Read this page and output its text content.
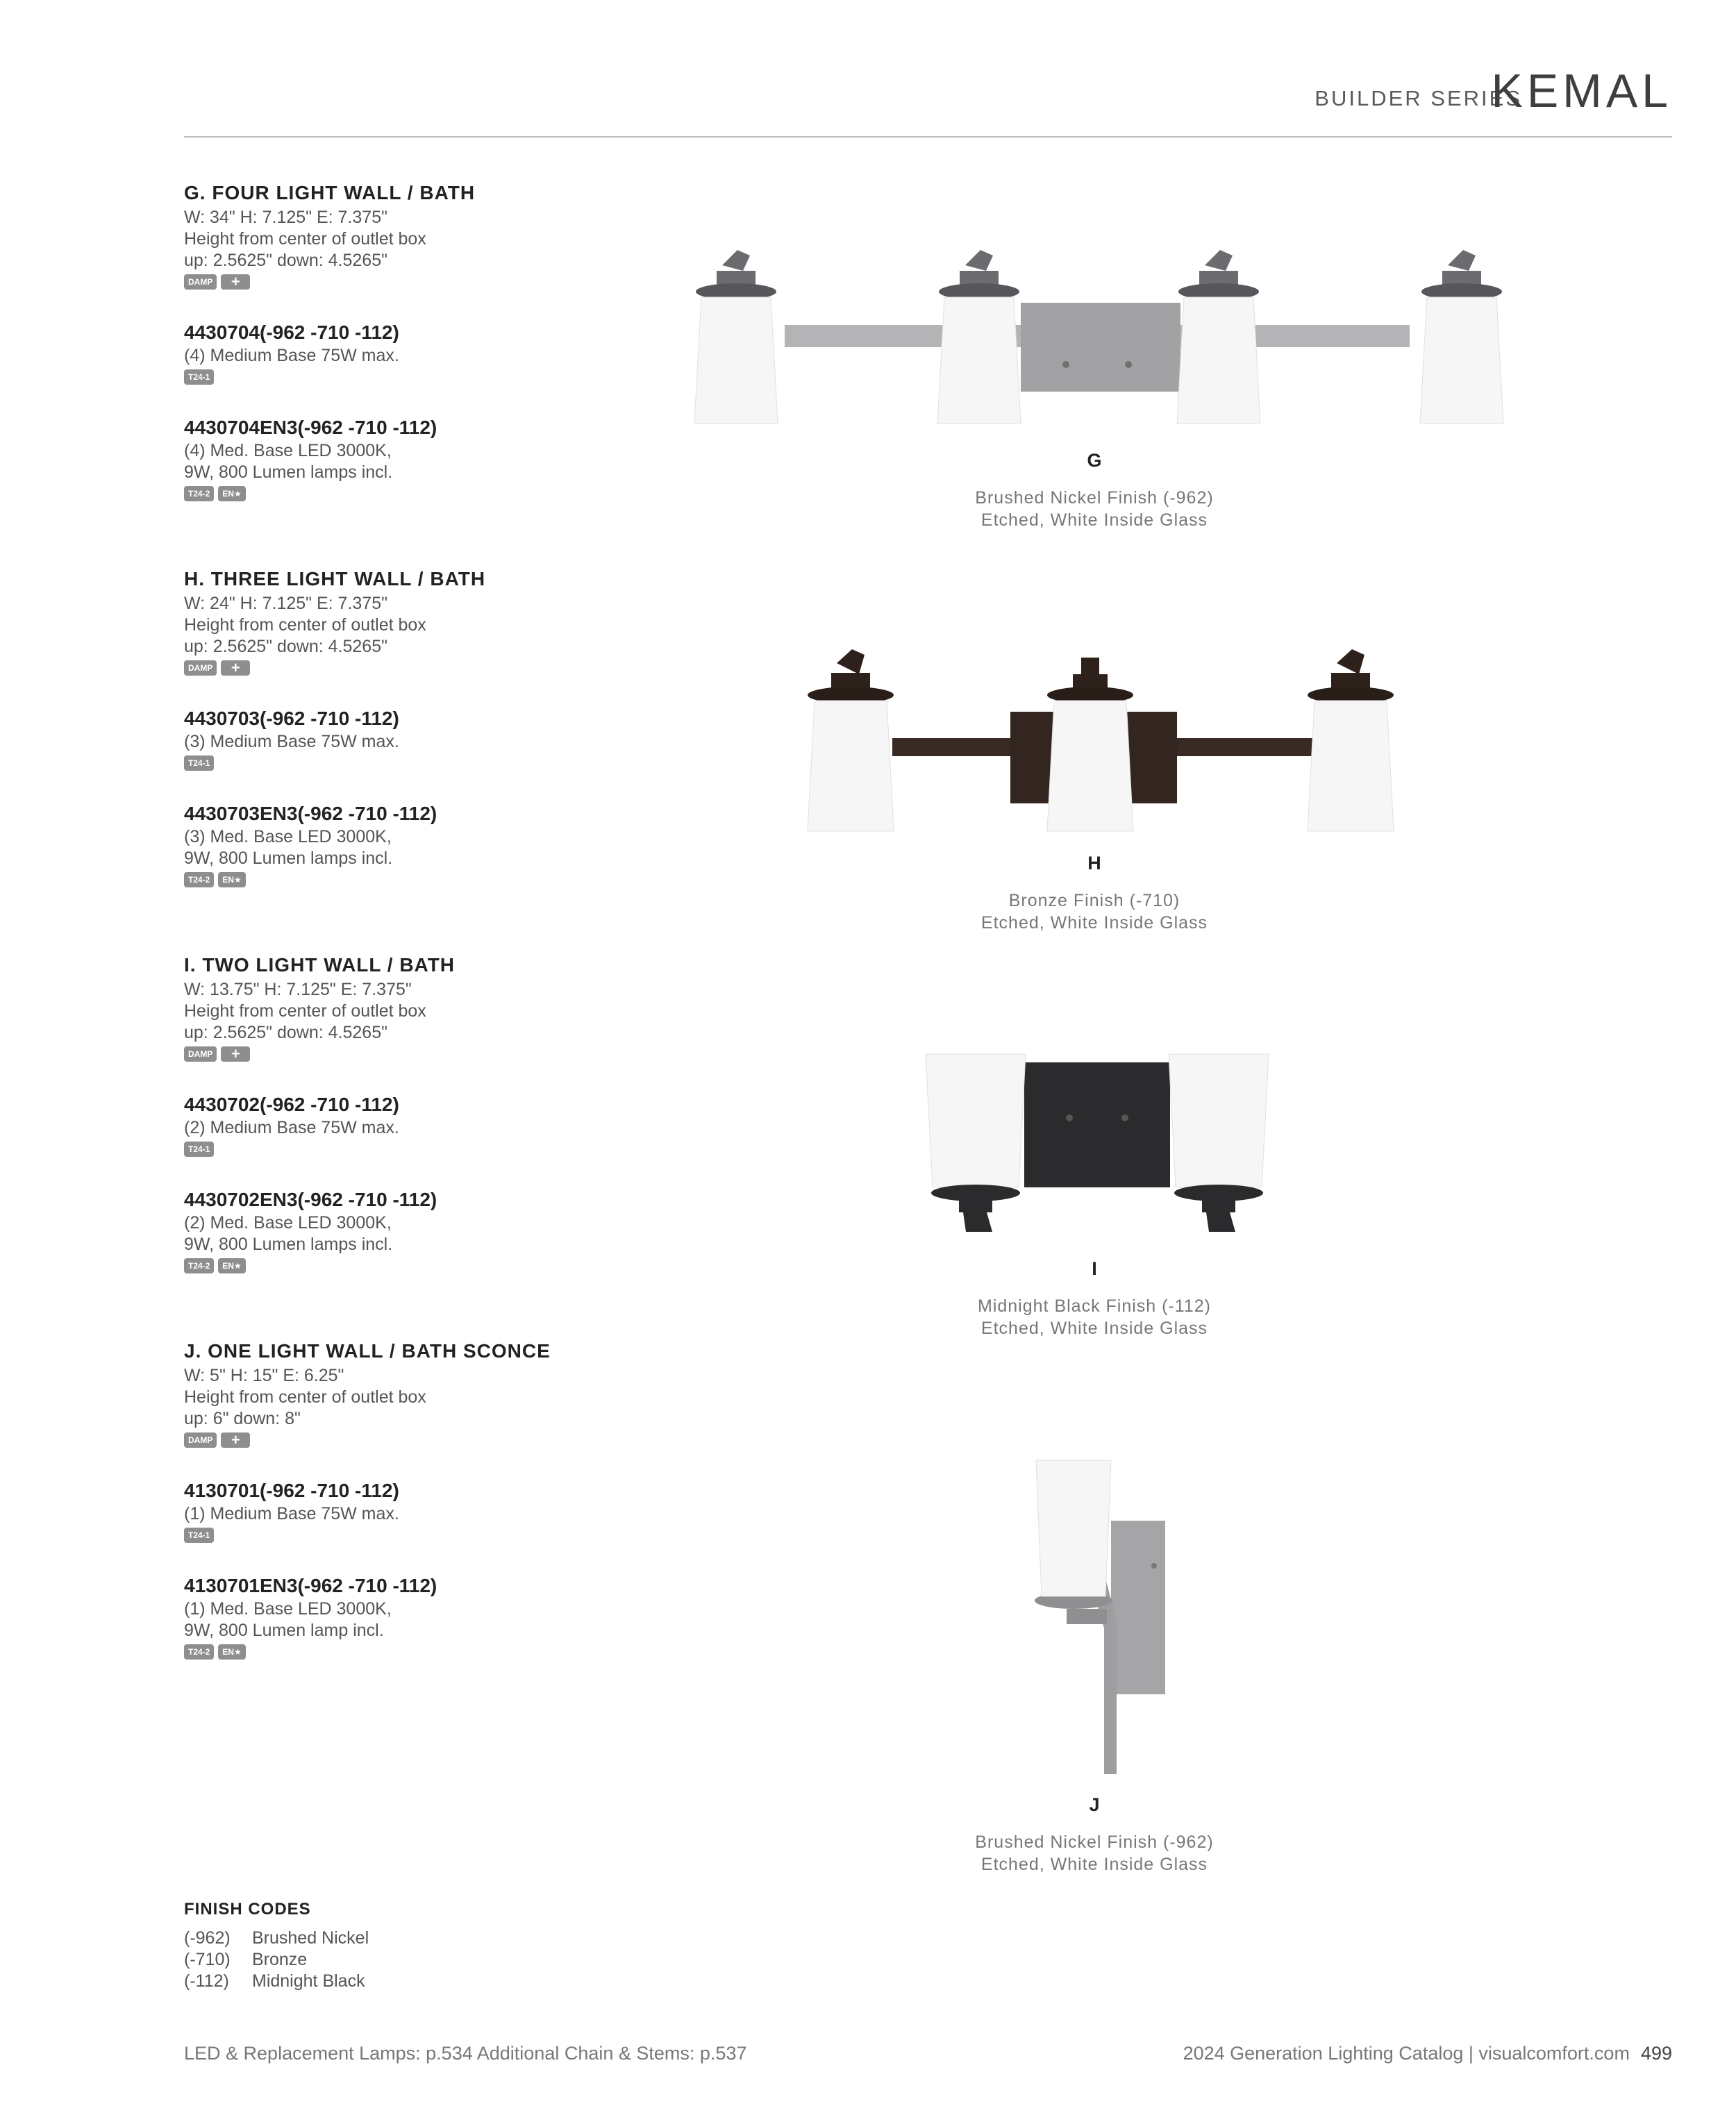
BUILDER SERIES
KEMAL
G. FOUR LIGHT WALL / BATH
W: 34" H: 7.125" E: 7.375"
Height from center of outlet box
up: 2.5625" down: 4.5265"
DAMP	+
4430704(-962 -710 -112)
(4) Medium Base 75W max.
T24-1
4430704EN3(-962 -710 -112)
(4) Med. Base LED 3000K,
9W, 800 Lumen lamps incl.
T24-2	EN★
H. THREE LIGHT WALL / BATH
W: 24" H: 7.125" E: 7.375"
Height from center of outlet box
up: 2.5625" down: 4.5265"
DAMP	+
4430703(-962 -710 -112)
(3) Medium Base 75W max.
T24-1
4430703EN3(-962 -710 -112)
(3) Med. Base LED 3000K,
9W, 800 Lumen lamps incl.
T24-2	EN★
I. TWO LIGHT WALL / BATH
W: 13.75" H: 7.125" E: 7.375"
Height from center of outlet box
up: 2.5625" down: 4.5265"
DAMP	+
4430702(-962 -710 -112)
(2) Medium Base 75W max.
T24-1
4430702EN3(-962 -710 -112)
(2) Med. Base LED 3000K,
9W, 800 Lumen lamps incl.
T24-2	EN★
J. ONE LIGHT WALL / BATH SCONCE
W: 5" H: 15" E: 6.25"
Height from center of outlet box
up: 6" down: 8"
DAMP	+
4130701(-962 -710 -112)
(1) Medium Base 75W max.
T24-1
4130701EN3(-962 -710 -112)
(1) Med. Base LED 3000K,
9W, 800 Lumen lamp incl.
T24-2	EN★
G
Brushed Nickel Finish (-962)
Etched, White Inside Glass
H
Bronze Finish (-710)
Etched, White Inside Glass
I
Midnight Black Finish (-112)
Etched, White Inside Glass
J
Brushed Nickel Finish (-962)
Etched, White Inside Glass
FINISH CODES
(-962)	Brushed Nickel
(-710)	Bronze
(-112)	Midnight Black
LED & Replacement Lamps: p.534 Additional Chain & Stems: p.537	2024 Generation Lighting Catalog | visualcomfort.com 499
